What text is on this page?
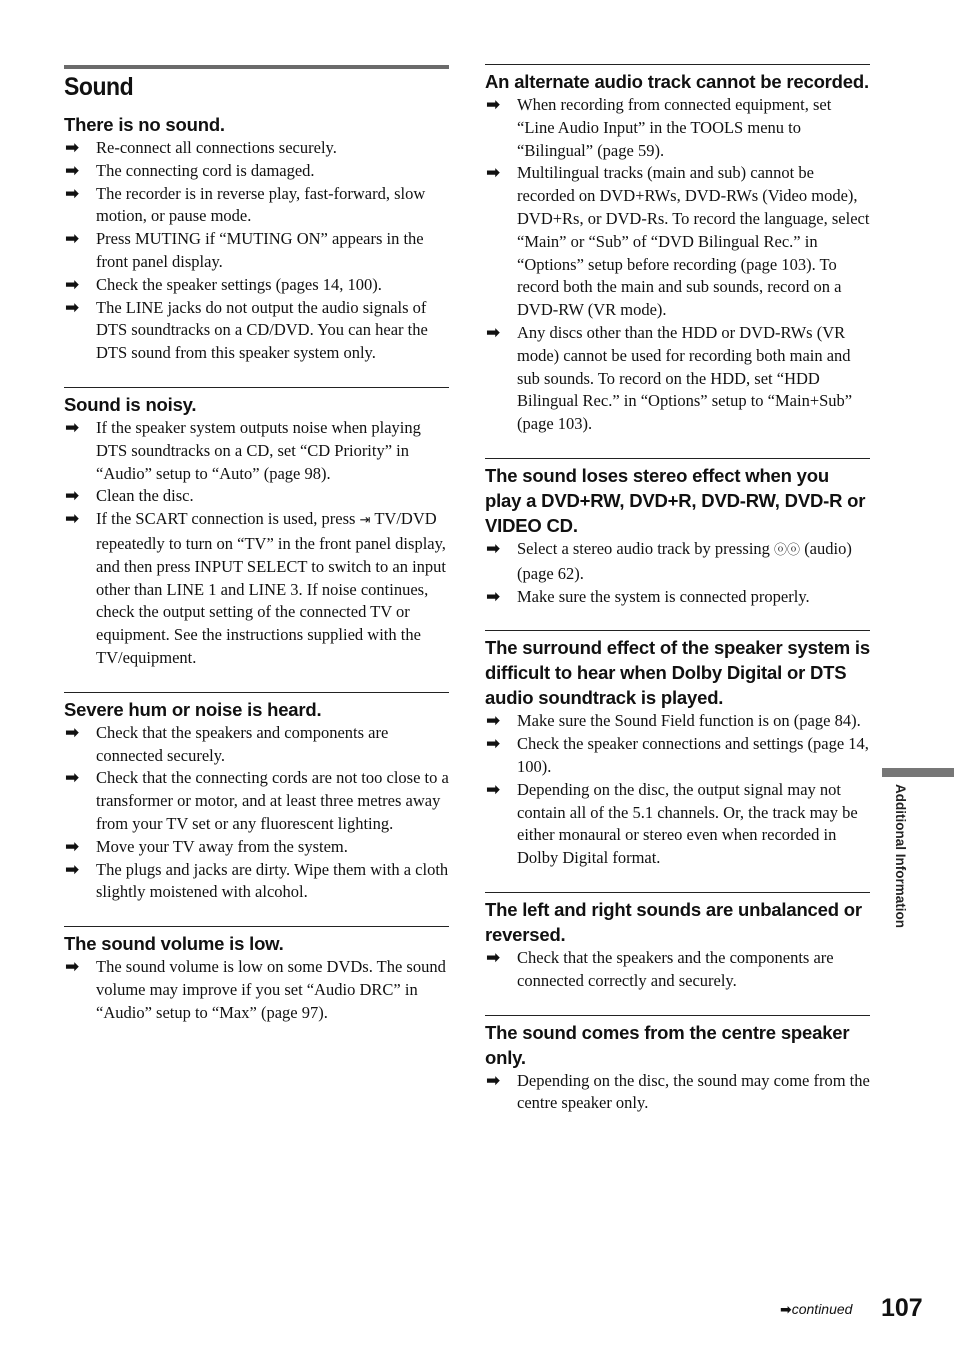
Sound
There is no sound.
➡ Re-connect all connections securely.
➡ The connecting cord is damaged.
➡ The recorder is in reverse play, fast-forward, slow motion, or pause mode.
➡ Press MUTING if “MUTING ON” appears in the front panel display.
➡ Check the speaker settings (pages 14, 100).
➡ The LINE jacks do not output the audio signals of DTS soundtracks on a CD/DVD. You can hear the DTS sound from this speaker system only.
Sound is noisy.
➡ If the speaker system outputs noise when playing DTS soundtracks on a CD, set “CD Priority” in “Audio” setup to “Auto” (page 98).
➡ Clean the disc.
➡ If the SCART connection is used, press ⇥ TV/DVD repeatedly to turn on “TV” in the front panel display, and then press INPUT SELECT to switch to an input other than LINE 1 and LINE 3. If noise continues, check the output setting of the connected TV or equipment. See the instructions supplied with the TV/equipment.
Severe hum or noise is heard.
➡ Check that the speakers and components are connected securely.
➡ Check that the connecting cords are not too close to a transformer or motor, and at least three metres away from your TV set or any fluorescent lighting.
➡ Move your TV away from the system.
➡ The plugs and jacks are dirty. Wipe them with a cloth slightly moistened with alcohol.
The sound volume is low.
➡ The sound volume is low on some DVDs. The sound volume may improve if you set “Audio DRC” in “Audio” setup to “Max” (page 97).
An alternate audio track cannot be recorded.
➡ When recording from connected equipment, set “Line Audio Input” in the TOOLS menu to “Bilingual” (page 59).
➡ Multilingual tracks (main and sub) cannot be recorded on DVD+RWs, DVD-RWs (Video mode), DVD+Rs, or DVD-Rs. To record the language, select “Main” or “Sub” of “DVD Bilingual Rec.” in “Options” setup before recording (page 103). To record both the main and sub sounds, record on a DVD-RW (VR mode).
➡ Any discs other than the HDD or DVD-RWs (VR mode) cannot be used for recording both main and sub sounds. To record on the HDD, set “HDD Bilingual Rec.” in “Options” setup to “Main+Sub” (page 103).
The sound loses stereo effect when you play a DVD+RW, DVD+R, DVD-RW, DVD-R or VIDEO CD.
➡ Select a stereo audio track by pressing ⓞⓞ (audio) (page 62).
➡ Make sure the system is connected properly.
The surround effect of the speaker system is difficult to hear when Dolby Digital or DTS audio soundtrack is played.
➡ Make sure the Sound Field function is on (page 84).
➡ Check the speaker connections and settings (page 14, 100).
➡ Depending on the disc, the output signal may not contain all of the 5.1 channels. Or, the track may be either monaural or stereo even when recorded in Dolby Digital format.
The left and right sounds are unbalanced or reversed.
➡ Check that the speakers and the components are connected correctly and securely.
The sound comes from the centre speaker only.
➡ Depending on the disc, the sound may come from the centre speaker only.
Additional Information
➡continued 107
